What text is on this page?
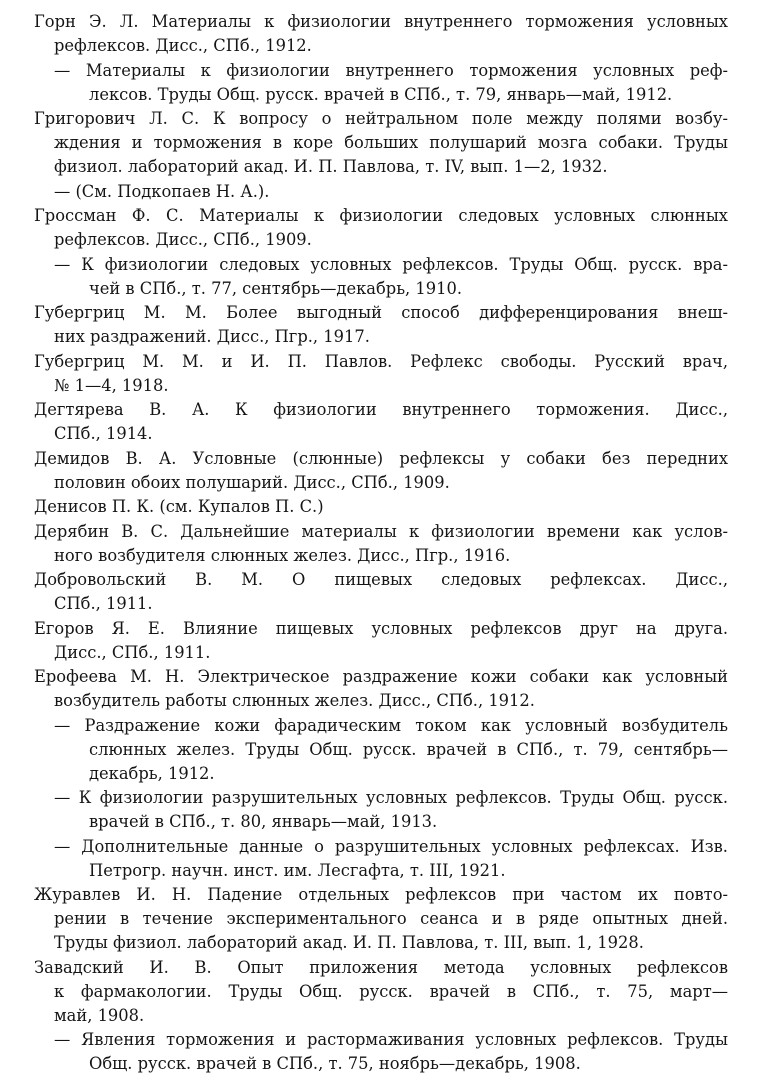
Горн Э. Л. Материалы к физиологии внутреннего торможения условных
рефлексов. Дисс., СПб., 1912.
— Материалы к физиологии внутреннего торможения условных реф-
лексов. Труды Общ. русск. врачей в СПб., т. 79, январь—май, 1912.
Григорович Л. С. К вопросу о нейтральном поле между полями возбу-
ждения и торможения в коре больших полушарий мозга собаки. Труды
физиол. лабораторий акад. И. П. Павлова, т. IV, вып. 1—2, 1932.
— (См. Подкопаев Н. А.).
Гроссман Ф. С. Материалы к физиологии следовых условных слюнных
рефлексов. Дисс., СПб., 1909.
— К физиологии следовых условных рефлексов. Труды Общ. русск. вра-
чей в СПб., т. 77, сентябрь—декабрь, 1910.
Губергриц М. М. Более выгодный способ дифференцирования внеш-
них раздражений. Дисс., Пгр., 1917.
Губергриц М. М. и И. П. Павлов. Рефлекс свободы. Русский врач,
№ 1—4, 1918.
Дегтярева В. А. К физиологии внутреннего торможения. Дисс.,
СПб., 1914.
Демидов В. А. Условные (слюнные) рефлексы у собаки без передних
половин обоих полушарий. Дисс., СПб., 1909.
Денисов П. К. (см. Купалов П. С.)
Дерябин В. С. Дальнейшие материалы к физиологии времени как услов-
ного возбудителя слюнных желез. Дисс., Пгр., 1916.
Добровольский В. М. О пищевых следовых рефлексах. Дисс.,
СПб., 1911.
Егоров Я. Е. Влияние пищевых условных рефлексов друг на друга.
Дисс., СПб., 1911.
Ерофеева М. Н. Электрическое раздражение кожи собаки как условный
возбудитель работы слюнных желез. Дисс., СПб., 1912.
— Раздражение кожи фарадическим током как условный возбудитель
слюнных желез. Труды Общ. русск. врачей в СПб., т. 79, сентябрь—
декабрь, 1912.
— К физиологии разрушительных условных рефлексов. Труды Общ. русск.
врачей в СПб., т. 80, январь—май, 1913.
— Дополнительные данные о разрушительных условных рефлексах. Изв.
Петрогр. научн. инст. им. Лесгафта, т. III, 1921.
Журавлев И. Н. Падение отдельных рефлексов при частом их повто-
рении в течение экспериментального сеанса и в ряде опытных дней.
Труды физиол. лабораторий акад. И. П. Павлова, т. III, вып. 1, 1928.
Завадский И. В. Опыт приложения метода условных рефлексов
к фармакологии. Труды Общ. русск. врачей в СПб., т. 75, март—
май, 1908.
— Явления торможения и растормаживания условных рефлексов. Труды
Общ. русск. врачей в СПб., т. 75, ноябрь—декабрь, 1908.
